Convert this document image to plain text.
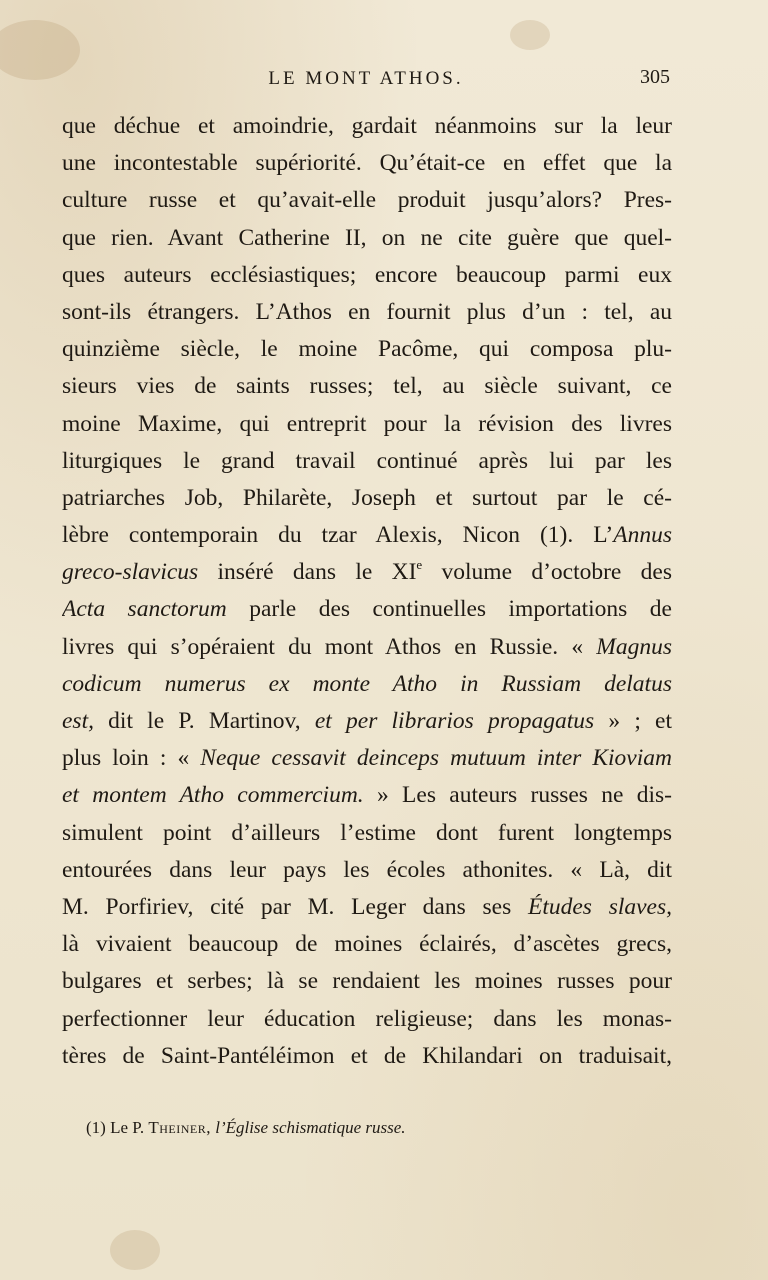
LE MONT ATHOS.	305
que déchue et amoindrie, gardait néanmoins sur la leur
une incontestable supériorité. Qu’était-ce en effet que la
culture russe et qu’avait-elle produit jusqu’alors? Pres-
que rien. Avant Catherine II, on ne cite guère que quel-
ques auteurs ecclésiastiques; encore beaucoup parmi eux
sont-ils étrangers. L’Athos en fournit plus d’un : tel, au
quinzième siècle, le moine Pacôme, qui composa plu-
sieurs vies de saints russes; tel, au siècle suivant, ce
moine Maxime, qui entreprit pour la révision des livres
liturgiques le grand travail continué après lui par les
patriarches Job, Philarète, Joseph et surtout par le cé-
lèbre contemporain du tzar Alexis, Nicon (1). L’Annus
greco-slavicus inséré dans le XIe volume d’octobre des
Acta sanctorum parle des continuelles importations de
livres qui s’opéraient du mont Athos en Russie. « Magnus
codicum numerus ex monte Atho in Russiam delatus
est, dit le P. Martinov, et per librarios propagatus » ; et
plus loin : « Neque cessavit deinceps mutuum inter Kioviam
et montem Atho commercium. » Les auteurs russes ne dis-
simulent point d’ailleurs l’estime dont furent longtemps
entourées dans leur pays les écoles athonites. « Là, dit
M. Porfiriev, cité par M. Leger dans ses Études slaves,
là vivaient beaucoup de moines éclairés, d’ascètes grecs,
bulgares et serbes; là se rendaient les moines russes pour
perfectionner leur éducation religieuse; dans les monas-
tères de Saint-Pantéléimon et de Khilandari on traduisait,
(1) Le P. Theiner, l’Église schismatique russe.
